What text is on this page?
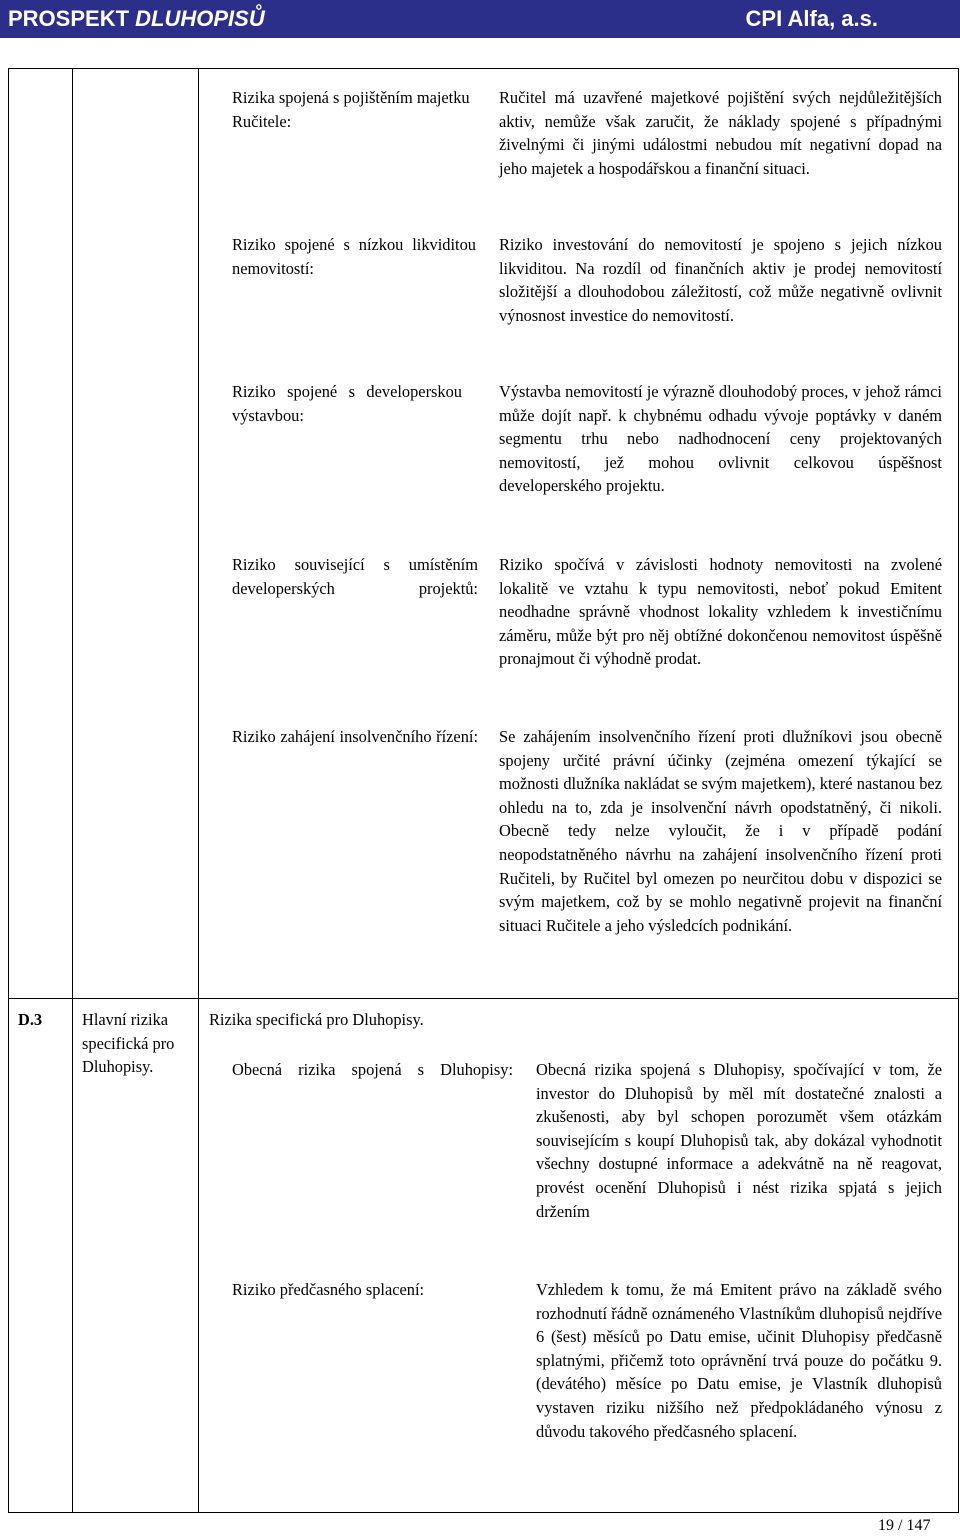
PROSPEKT DLUHOPISŮ	CPI Alfa, a.s.
Rizika spojená s pojištěním majetku Ručitele:
Ručitel má uzavřené majetkové pojištění svých nejdůležitějších aktiv, nemůže však zaručit, že náklady spojené s případnými živelnými či jinými událostmi nebudou mít negativní dopad na jeho majetek a hospodářskou a finanční situaci.
Riziko spojené s nízkou likviditou nemovitostí:
Riziko investování do nemovitostí je spojeno s jejich nízkou likviditou. Na rozdíl od finančních aktiv je prodej nemovitostí složitější a dlouhodobou záležitostí, což může negativně ovlivnit výnosnost investice do nemovitostí.
Riziko spojené s developerskou výstavbou:
Výstavba nemovitostí je výrazně dlouhodobý proces, v jehož rámci může dojít např. k chybnému odhadu vývoje poptávky v daném segmentu trhu nebo nadhodnocení ceny projektovaných nemovitostí, jež mohou ovlivnit celkovou úspěšnost developerského projektu.
Riziko související s umístěním developerských projektů:
Riziko spočívá v závislosti hodnoty nemovitosti na zvolené lokalitě ve vztahu k typu nemovitosti, neboť pokud Emitent neodhadne správně vhodnost lokality vzhledem k investičnímu záměru, může být pro něj obtížné dokončenou nemovitost úspěšně pronajmout či výhodně prodat.
Riziko zahájení insolvenčního řízení: Se zahájením insolvenčního řízení proti dlužníkovi jsou obecně spojeny určité právní účinky (zejména omezení týkající se možnosti dlužníka nakládat se svým majetkem), které nastanou bez ohledu na to, zda je insolvenční návrh opodstatněný, či nikoli. Obecně tedy nelze vyloučit, že i v případě podání neopodstatněného návrhu na zahájení insolvenčního řízení proti Ručiteli, by Ručitel byl omezen po neurčitou dobu v dispozici se svým majetkem, což by se mohlo negativně projevit na finanční situaci Ručitele a jeho výsledcích podnikání.
D.3 Hlavní rizika specifická pro Dluhopisy.
Rizika specifická pro Dluhopisy.
Obecná rizika spojená s Dluhopisy: Obecná rizika spojená s Dluhopisy, spočívající v tom, že investor do Dluhopisů by měl mít dostatečné znalosti a zkušenosti, aby byl schopen porozumět všem otázkám souvisejícím s koupí Dluhopisů tak, aby dokázal vyhodnotit všechny dostupné informace a adekvátně na ně reagovat, provést ocenění Dluhopisů i nést rizika spjatá s jejich držením
Riziko předčasného splacení:	Vzhledem k tomu, že má Emitent právo na základě svého rozhodnutí řádně oznámeného Vlastníkům dluhopisů nejdříve 6 (šest) měsíců po Datu emise, učinit Dluhopisy předčasně splatnými, přičemž toto oprávnění trvá pouze do počátku 9. (devátého) měsíce po Datu emise, je Vlastník dluhopisů vystaven riziku nižšího než předpokládaného výnosu z důvodu takového předčasného splacení.
19 / 147
